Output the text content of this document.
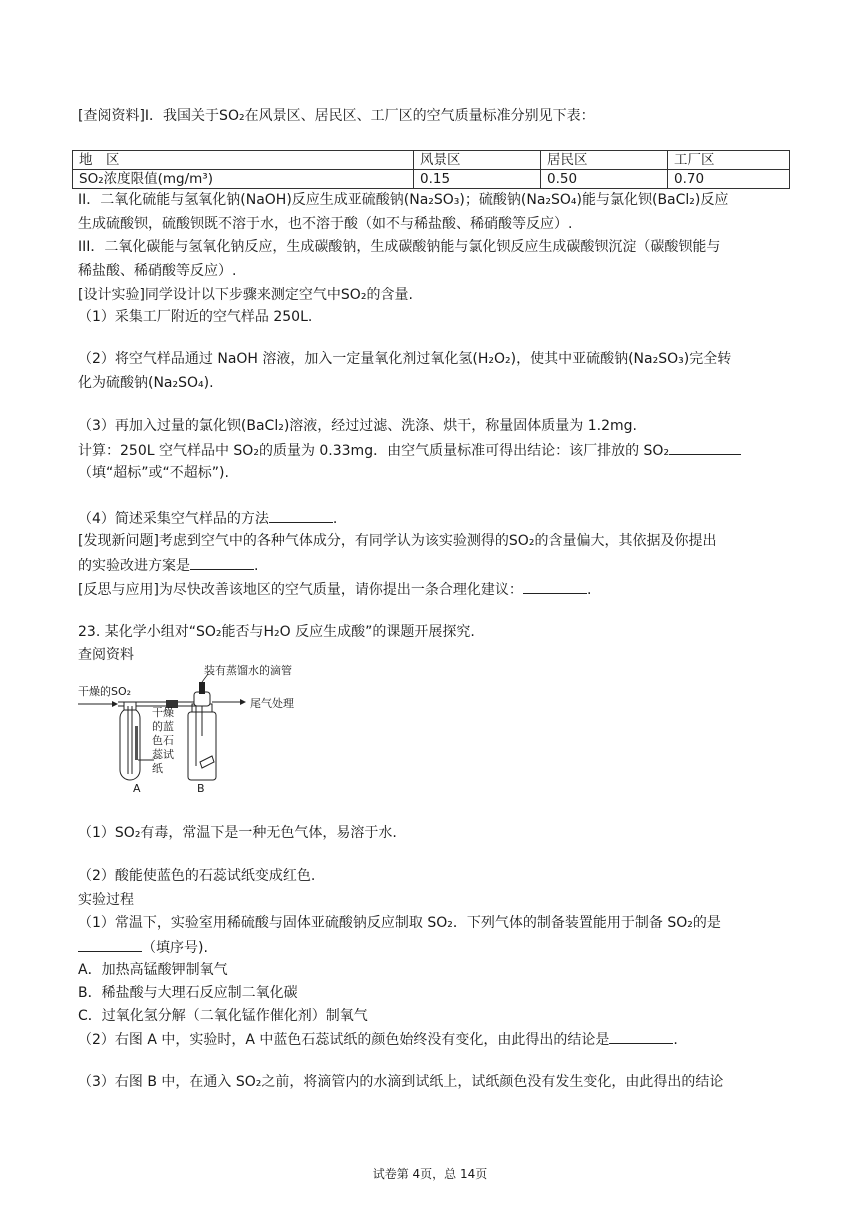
[查阅资料]I．我国关于SO₂在风景区、居民区、工厂区的空气质量标准分别见下表：
地　区	风景区	居民区	工厂区
SO₂浓度限值(mg/m³)	0.15	0.50	0.70
II．二氧化硫能与氢氧化钠(NaOH)反应生成亚硫酸钠(Na₂SO₃)；硫酸钠(Na₂SO₄)能与氯化钡(BaCl₂)反应
生成硫酸钡，硫酸钡既不溶于水，也不溶于酸（如不与稀盐酸、稀硝酸等反应）.
III．二氧化碳能与氢氧化钠反应，生成碳酸钠，生成碳酸钠能与氯化钡反应生成碳酸钡沉淀（碳酸钡能与
稀盐酸、稀硝酸等反应）.
[设计实验]同学设计以下步骤来测定空气中SO₂的含量.
（1）采集工厂附近的空气样品 250L.
（2）将空气样品通过 NaOH 溶液，加入一定量氧化剂过氧化氢(H₂O₂)，使其中亚硫酸钠(Na₂SO₃)完全转
化为硫酸钠(Na₂SO₄).
（3）再加入过量的氯化钡(BaCl₂)溶液，经过过滤、洗涤、烘干，称量固体质量为 1.2mg.
计算：250L 空气样品中 SO₂的质量为 0.33mg．由空气质量标准可得出结论：该厂排放的 SO₂
（填“超标”或“不超标”).
（4）简述采集空气样品的方法	.
[发现新问题]考虑到空气中的各种气体成分，有同学认为该实验测得的SO₂的含量偏大，其依据及你提出
的实验改进方案是	.
[反思与应用]为尽快改善该地区的空气质量，请你提出一条合理化建议：	.
23. 某化学小组对“SO₂能否与H₂O 反应生成酸”的课题开展探究.
查阅资料
干燥的SO₂
装有蒸馏水的滴管
尾气处理
干燥
的蓝
色石
蕊试
纸
A	B
（1）SO₂有毒，常温下是一种无色气体，易溶于水.
（2）酸能使蓝色的石蕊试纸变成红色.
实验过程
（1）常温下，实验室用稀硫酸与固体亚硫酸钠反应制取 SO₂．下列气体的制备装置能用于制备 SO₂的是
（填序号).
A．加热高锰酸钾制氧气
B．稀盐酸与大理石反应制二氧化碳
C．过氧化氢分解（二氧化锰作催化剂）制氧气
（2）右图 A 中，实验时，A 中蓝色石蕊试纸的颜色始终没有变化，由此得出的结论是	.
（3）右图 B 中，在通入 SO₂之前，将滴管内的水滴到试纸上，试纸颜色没有发生变化，由此得出的结论
试卷第 4页，总 14页
